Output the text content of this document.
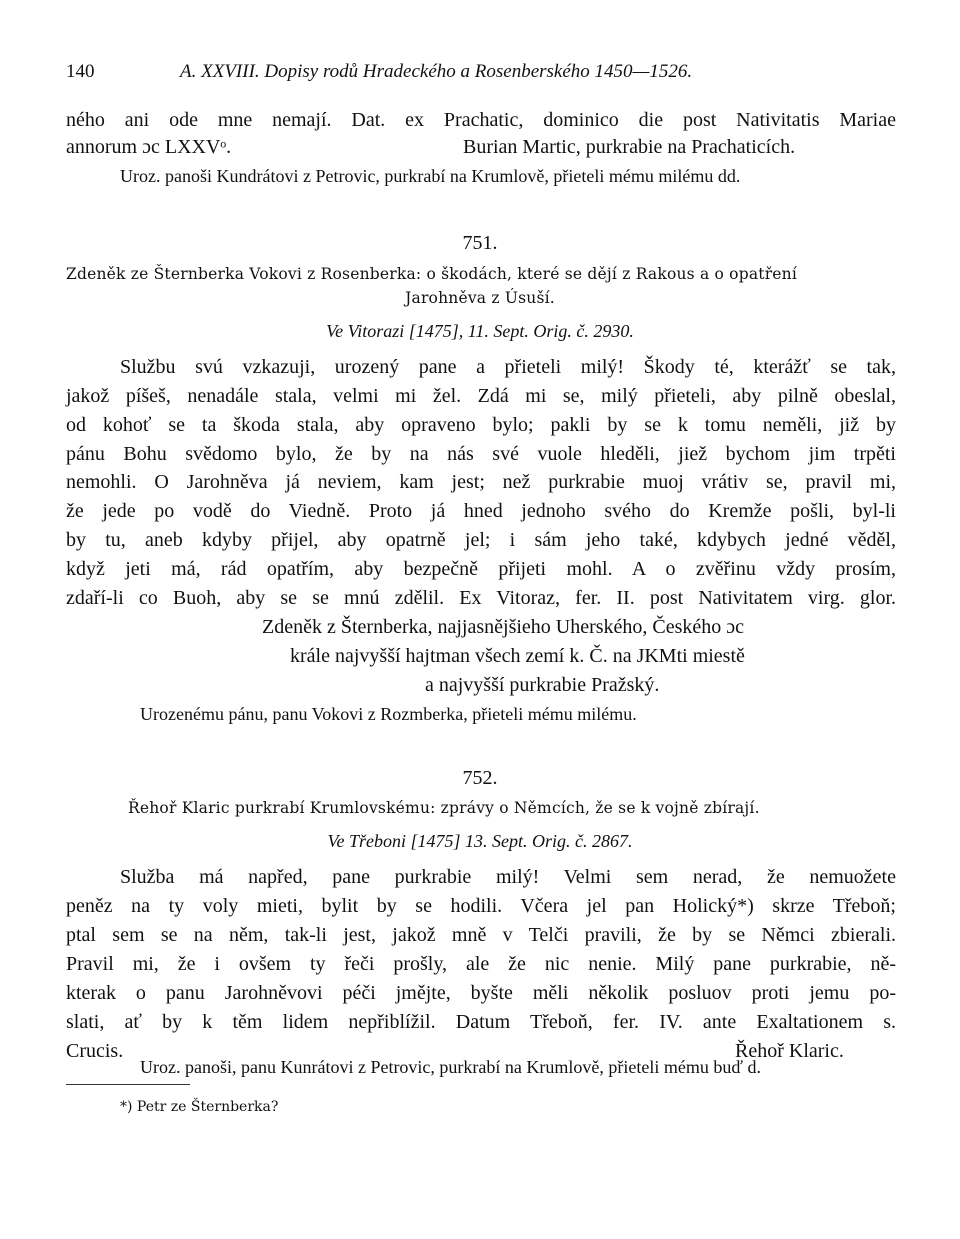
140	A. XXVIII. Dopisy rodů Hradeckého a Rosenberského 1450—1526.
ného ani ode mne nemají. Dat. ex Prachatic, dominico die post Nativitatis Mariae
annorum ɔc LXXVᵒ.	Burian Martic, purkrabie na Prachaticích.
Uroz. panoši Kundrátovi z Petrovic, purkrabí na Krumlově, přieteli mému milému dd.
751.
Zdeněk ze Šternberka Vokovi z Rosenberka: o škodách, které se dějí z Rakous a o opatření
Jarohněva z Úsuší.
Ve Vitorazi [1475], 11. Sept. Orig. č. 2930.
Službu svú vzkazuji, urozený pane a přieteli milý! Škody té, kterážť se tak,
jakož píšeš, nenadále stala, velmi mi žel. Zdá mi se, milý přieteli, aby pilně obeslal,
od kohoť se ta škoda stala, aby opraveno bylo; pakli by se k tomu neměli, již by
pánu Bohu svědomo bylo, že by na nás své vuole hleděli, jiež bychom jim trpěti
nemohli. O Jarohněva já neviem, kam jest; než purkrabie muoj vrátiv se, pravil mi,
že jede po vodě do Viedně. Proto já hned jednoho svého do Kremže pošli, byl-li
by tu, aneb kdyby přijel, aby opatrně jel; i sám jeho také, kdybych jedné věděl,
když jeti má, rád opatřím, aby bezpečně přijeti mohl. A o zvěřinu vždy prosím,
zdaří-li co Buoh, aby se se mnú zdělil. Ex Vitoraz, fer. II. post Nativitatem virg. glor.
Zdeněk z Šternberka, najjasnějšieho Uherského, Českého ɔc
krále najvyšší hajtman všech zemí k. Č. na JKMti miestě
a najvyšší purkrabie Pražský.
Urozenému pánu, panu Vokovi z Rozmberka, přieteli mému milému.
752.
Řehoř Klaric purkrabí Krumlovskému: zprávy o Němcích, že se k vojně zbírají.
Ve Třeboni [1475] 13. Sept. Orig. č. 2867.
Služba má napřed, pane purkrabie milý! Velmi sem nerad, že nemuožete
peněz na ty voly mieti, bylit by se hodili. Včera jel pan Holický*) skrze Třeboň;
ptal sem se na něm, tak-li jest, jakož mně v Telči pravili, že by se Němci zbierali.
Pravil mi, že i ovšem ty řeči prošly, ale že nic nenie. Milý pane purkrabie, ně-
kterak o panu Jarohněvovi péči jmějte, byšte měli několik posluov proti jemu po-
slati, ať by k těm lidem nepřiblížil. Datum Třeboň, fer. IV. ante Exaltationem s.
Crucis.	Řehoř Klaric.
Uroz. panoši, panu Kunrátovi z Petrovic, purkrabí na Krumlově, přieteli mému buď d.
*) Petr ze Šternberka?
